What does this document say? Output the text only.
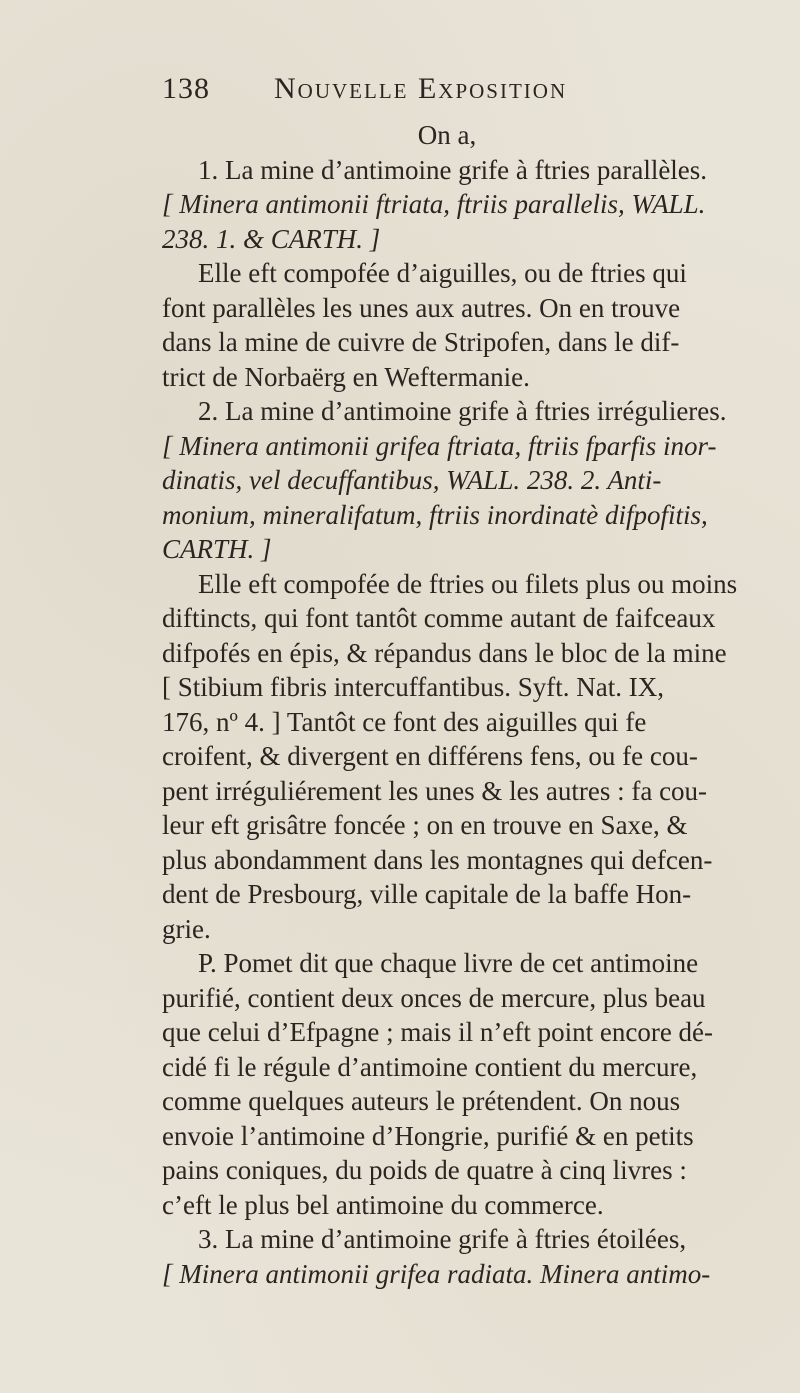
138 Nouvelle Exposition
On a,
1. La mine d’antimoine grife à ftries parallèles.
[ Minera antimonii ftriata, ftriis parallelis, WALL.
238. 1. & CARTH. ]
Elle eft compofée d’aiguilles, ou de ftries qui
font parallèles les unes aux autres. On en trouve
dans la mine de cuivre de Stripofen, dans le dif-
trict de Norbaërg en Weftermanie.
2. La mine d’antimoine grife à ftries irrégulieres.
[ Minera antimonii grifea ftriata, ftriis fparfis inor-
dinatis, vel decuffantibus, WALL. 238. 2. Anti-
monium, mineralifatum, ftriis inordinatè difpofitis,
CARTH. ]
Elle eft compofée de ftries ou filets plus ou moins
diftincts, qui font tantôt comme autant de faifceaux
difpofés en épis, & répandus dans le bloc de la mine
[ Stibium fibris intercuffantibus. Syft. Nat. IX,
176, nº 4. ] Tantôt ce font des aiguilles qui fe
croifent, & divergent en différens fens, ou fe cou-
pent irréguliérement les unes & les autres : fa cou-
leur eft grisâtre foncée ; on en trouve en Saxe, &
plus abondamment dans les montagnes qui defcen-
dent de Presbourg, ville capitale de la baffe Hon-
grie.
P. Pomet dit que chaque livre de cet antimoine
purifié, contient deux onces de mercure, plus beau
que celui d’Efpagne ; mais il n’eft point encore dé-
cidé fi le régule d’antimoine contient du mercure,
comme quelques auteurs le prétendent. On nous
envoie l’antimoine d’Hongrie, purifié & en petits
pains coniques, du poids de quatre à cinq livres :
c’eft le plus bel antimoine du commerce.
3. La mine d’antimoine grife à ftries étoilées,
[ Minera antimonii grifea radiata. Minera antimo-
